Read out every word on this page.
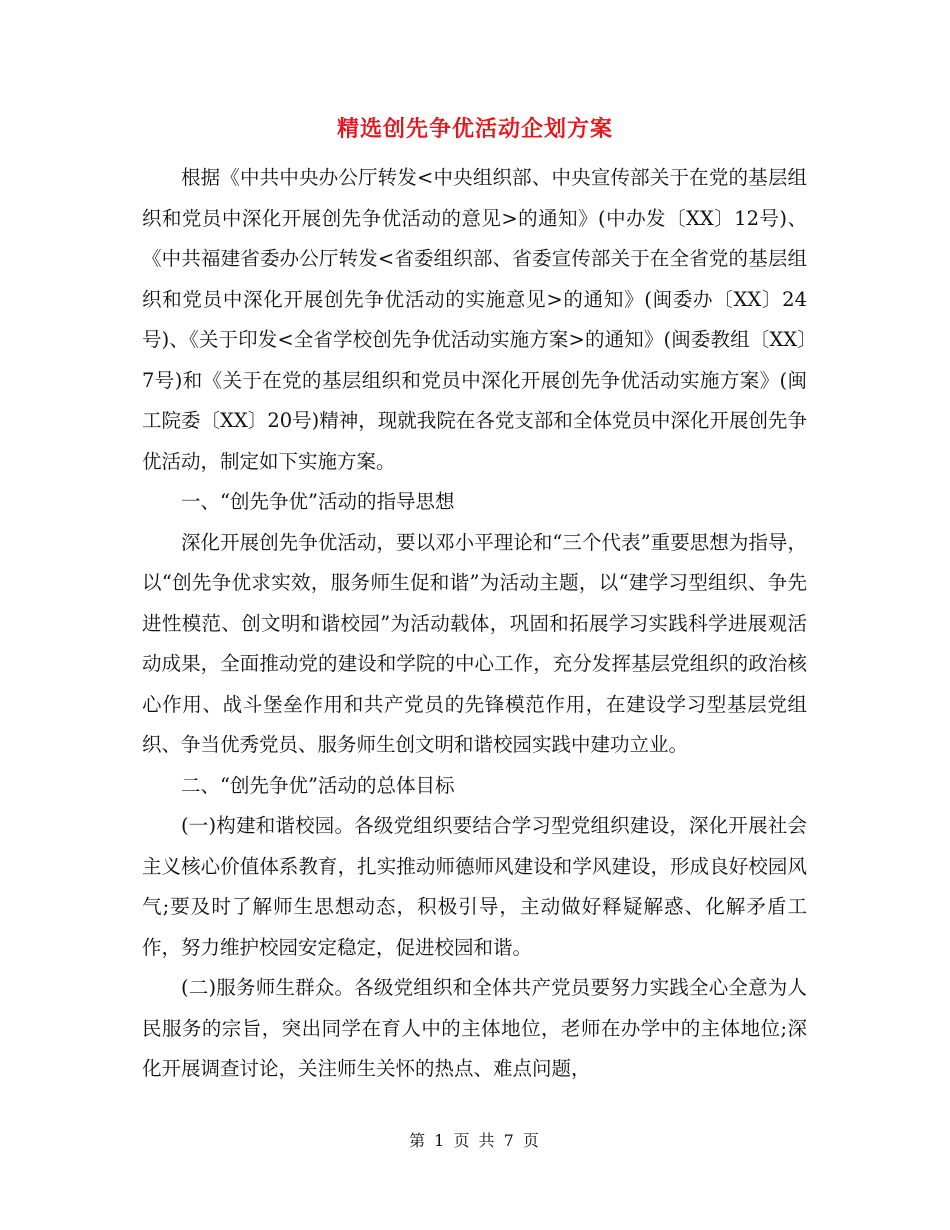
精选创先争优活动企划方案

根据《中共中央办公厅转发<中央组织部、中央宣传部关于在党的基层组织和党员中深化开展创先争优活动的意见>的通知》(中办发〔XX〕12号)、《中共福建省委办公厅转发<省委组织部、省委宣传部关于在全省党的基层组织和党员中深化开展创先争优活动的实施意见>的通知》(闽委办〔XX〕24号)、《关于印发<全省学校创先争优活动实施方案>的通知》(闽委教组〔XX〕7号)和《关于在党的基层组织和党员中深化开展创先争优活动实施方案》(闽工院委〔XX〕20号)精神，现就我院在各党支部和全体党员中深化开展创先争优活动，制定如下实施方案。

一、“创先争优”活动的指导思想

深化开展创先争优活动，要以邓小平理论和“三个代表”重要思想为指导，以“创先争优求实效，服务师生促和谐”为活动主题，以“建学习型组织、争先进性模范、创文明和谐校园”为活动载体，巩固和拓展学习实践科学进展观活动成果，全面推动党的建设和学院的中心工作，充分发挥基层党组织的政治核心作用、战斗堡垒作用和共产党员的先锋模范作用，在建设学习型基层党组织、争当优秀党员、服务师生创文明和谐校园实践中建功立业。

二、“创先争优”活动的总体目标

(一)构建和谐校园。各级党组织要结合学习型党组织建设，深化开展社会主义核心价值体系教育，扎实推动师德师风建设和学风建设，形成良好校园风气;要及时了解师生思想动态，积极引导，主动做好释疑解惑、化解矛盾工作，努力维护校园安定稳定，促进校园和谐。

(二)服务师生群众。各级党组织和全体共产党员要努力实践全心全意为人民服务的宗旨，突出同学在育人中的主体地位，老师在办学中的主体地位;深化开展调查讨论，关注师生关怀的热点、难点问题，

第 1 页 共 7 页
